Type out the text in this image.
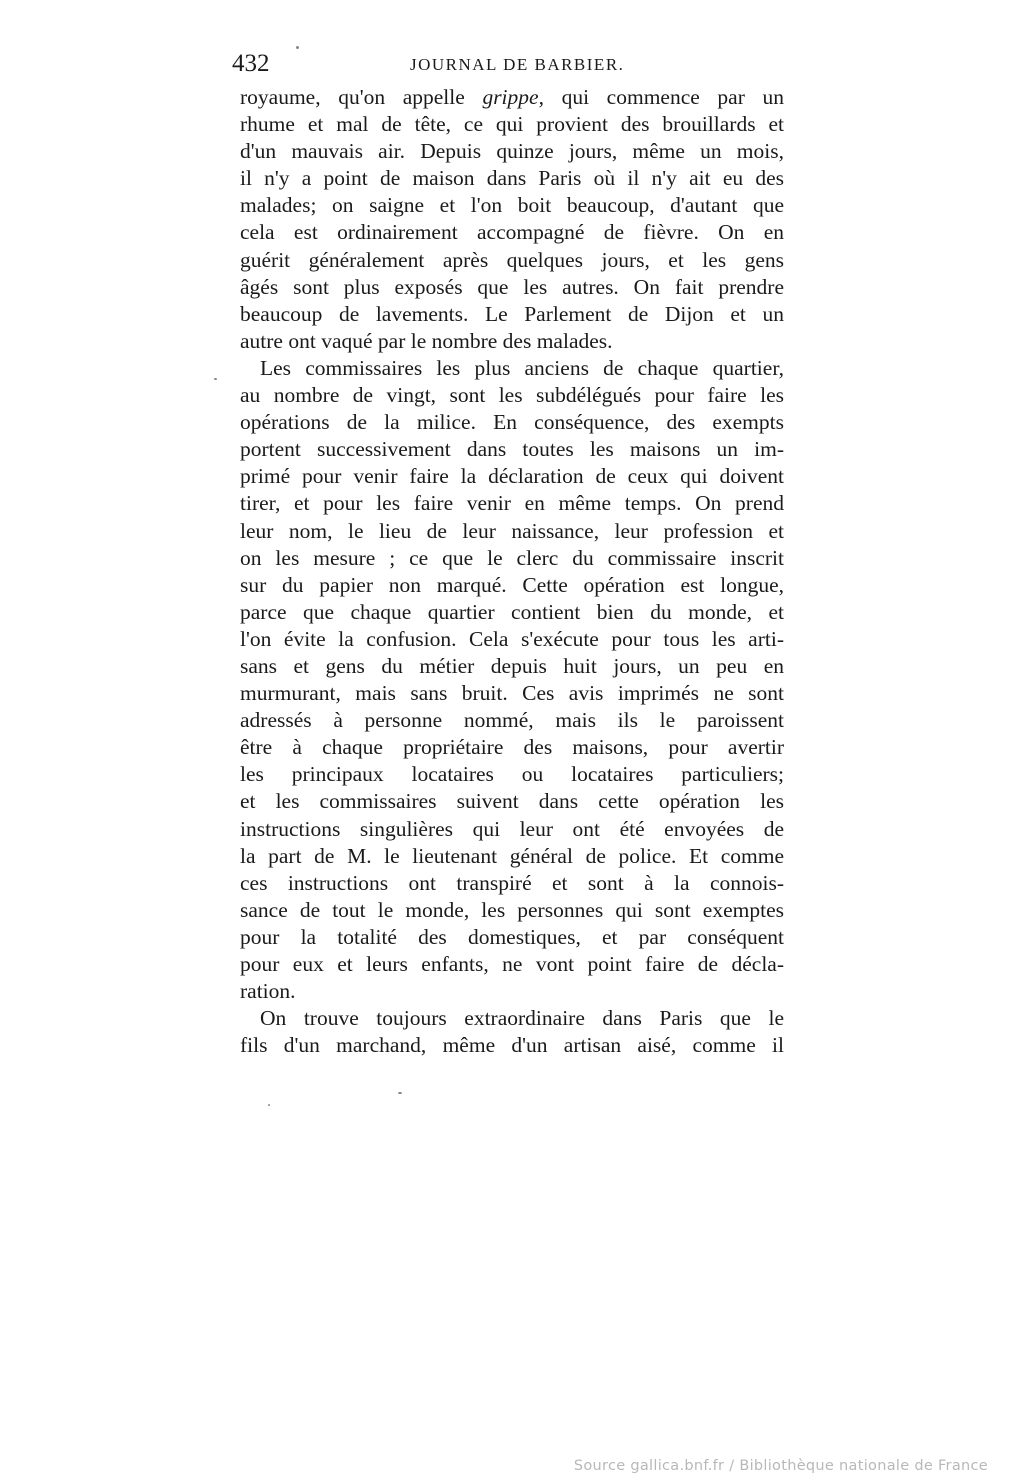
432	JOURNAL DE BARBIER.
royaume, qu'on appelle grippe, qui commence par un
rhume et mal de tête, ce qui provient des brouillards et
d'un mauvais air. Depuis quinze jours, même un mois,
il n'y a point de maison dans Paris où il n'y ait eu des
malades; on saigne et l'on boit beaucoup, d'autant que
cela est ordinairement accompagné de fièvre. On en
guérit généralement après quelques jours, et les gens
âgés sont plus exposés que les autres. On fait prendre
beaucoup de lavements. Le Parlement de Dijon et un
autre ont vaqué par le nombre des malades.
Les commissaires les plus anciens de chaque quartier,
au nombre de vingt, sont les subdélégués pour faire les
opérations de la milice. En conséquence, des exempts
portent successivement dans toutes les maisons un im-
primé pour venir faire la déclaration de ceux qui doivent
tirer, et pour les faire venir en même temps. On prend
leur nom, le lieu de leur naissance, leur profession et
on les mesure ; ce que le clerc du commissaire inscrit
sur du papier non marqué. Cette opération est longue,
parce que chaque quartier contient bien du monde, et
l'on évite la confusion. Cela s'exécute pour tous les arti-
sans et gens du métier depuis huit jours, un peu en
murmurant, mais sans bruit. Ces avis imprimés ne sont
adressés à personne nommé, mais ils le paroissent
être à chaque propriétaire des maisons, pour avertir
les principaux locataires ou locataires particuliers;
et les commissaires suivent dans cette opération les
instructions singulières qui leur ont été envoyées de
la part de M. le lieutenant général de police. Et comme
ces instructions ont transpiré et sont à la connois-
sance de tout le monde, les personnes qui sont exemptes
pour la totalité des domestiques, et par conséquent
pour eux et leurs enfants, ne vont point faire de décla-
ration.
On trouve toujours extraordinaire dans Paris que le
fils d'un marchand, même d'un artisan aisé, comme il
Source gallica.bnf.fr / Bibliothèque nationale de France
